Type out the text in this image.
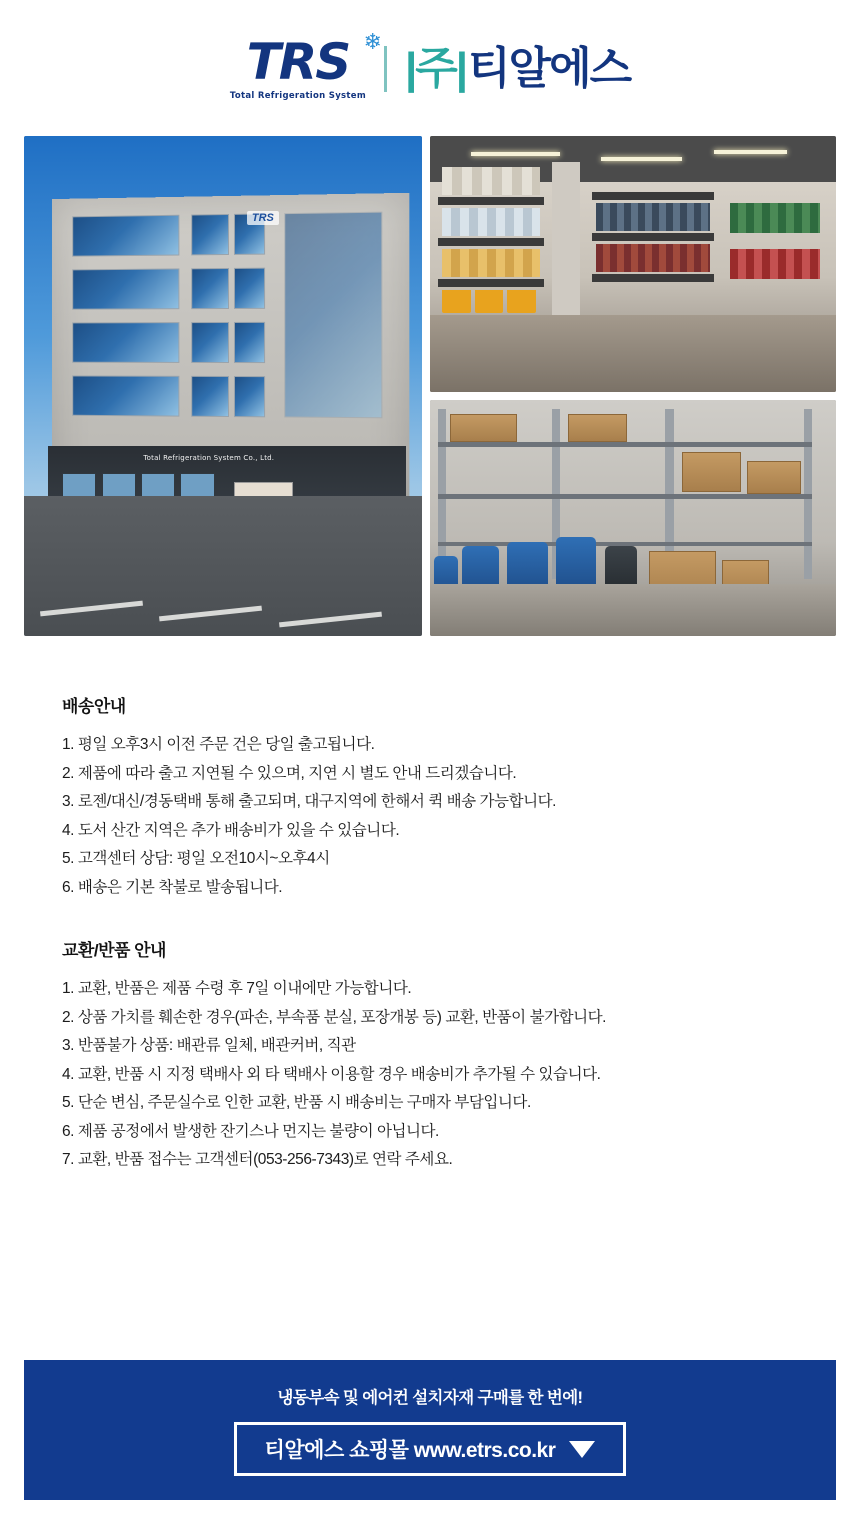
TRS ❄
Total Refrigeration System
|주| 티알에스
TRS
Total Refrigeration System Co., Ltd.
배송안내
1. 평일 오후3시 이전 주문 건은 당일 출고됩니다.
2. 제품에 따라 출고 지연될 수 있으며, 지연 시 별도 안내 드리겠습니다.
3. 로젠/대신/경동택배 통해 출고되며, 대구지역에 한해서 퀵 배송 가능합니다.
4. 도서 산간 지역은 추가 배송비가 있을 수 있습니다.
5. 고객센터 상담: 평일 오전10시~오후4시
6. 배송은 기본 착불로 발송됩니다.
교환/반품 안내
1. 교환, 반품은 제품 수령 후 7일 이내에만 가능합니다.
2. 상품 가치를 훼손한 경우(파손, 부속품 분실, 포장개봉 등) 교환, 반품이 불가합니다.
3. 반품불가 상품: 배관류 일체, 배관커버, 직관
4. 교환, 반품 시 지정 택배사 외 타 택배사 이용할 경우 배송비가 추가될 수 있습니다.
5. 단순 변심, 주문실수로 인한 교환, 반품 시 배송비는 구매자 부담입니다.
6. 제품 공정에서 발생한 잔기스나 먼지는 불량이 아닙니다.
7. 교환, 반품 접수는 고객센터(053-256-7343)로 연락 주세요.
냉동부속 및 에어컨 설치자재 구매를 한 번에!
티알에스 쇼핑몰 www.etrs.co.kr
